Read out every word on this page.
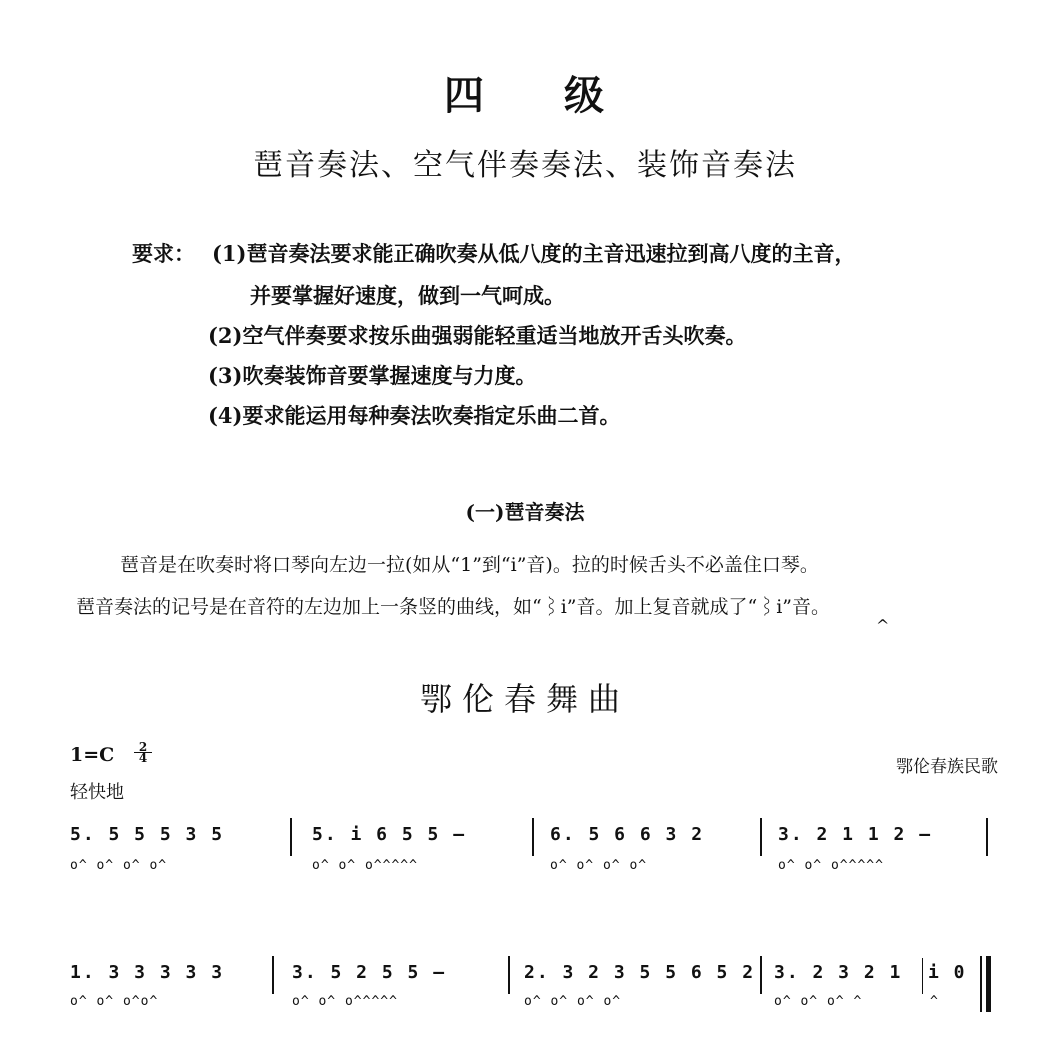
四 级
琶音奏法、空气伴奏奏法、装饰音奏法
要求： (1)琶音奏法要求能正确吹奏从低八度的主音迅速拉到高八度的主音，
并要掌握好速度，做到一气呵成。
(2)空气伴奏要求按乐曲强弱能轻重适当地放开舌头吹奏。
(3)吹奏装饰音要掌握速度与力度。
(4)要求能运用每种奏法吹奏指定乐曲二首。
(一)琶音奏法
琶音是在吹奏时将口琴向左边一拉(如从“1”到“i”音)。拉的时候舌头不必盖住口琴。
琶音奏法的记号是在音符的左边加上一条竖的曲线，如“⌇i”音。加上复音就成了“⌇i”音。
^
鄂伦春舞曲
1=C	2
4
轻快地
鄂伦春族民歌
5. 5 5 5 3 5
o^ o^ o^ o^
5. i 6 5 5 –
o^ o^ o^^^^^
6. 5 6 6 3 2
o^ o^ o^ o^
3. 2 1 1 2 –
o^ o^ o^^^^^
1. 3 3 3 3 3
o^ o^ o^o^
3. 5 2 5 5 –
o^ o^ o^^^^^
2. 3 2 3 5 5 6 5 2
o^ o^ o^ o^
3. 2 3 2 1
o^ o^ o^ ^
i 0
^
